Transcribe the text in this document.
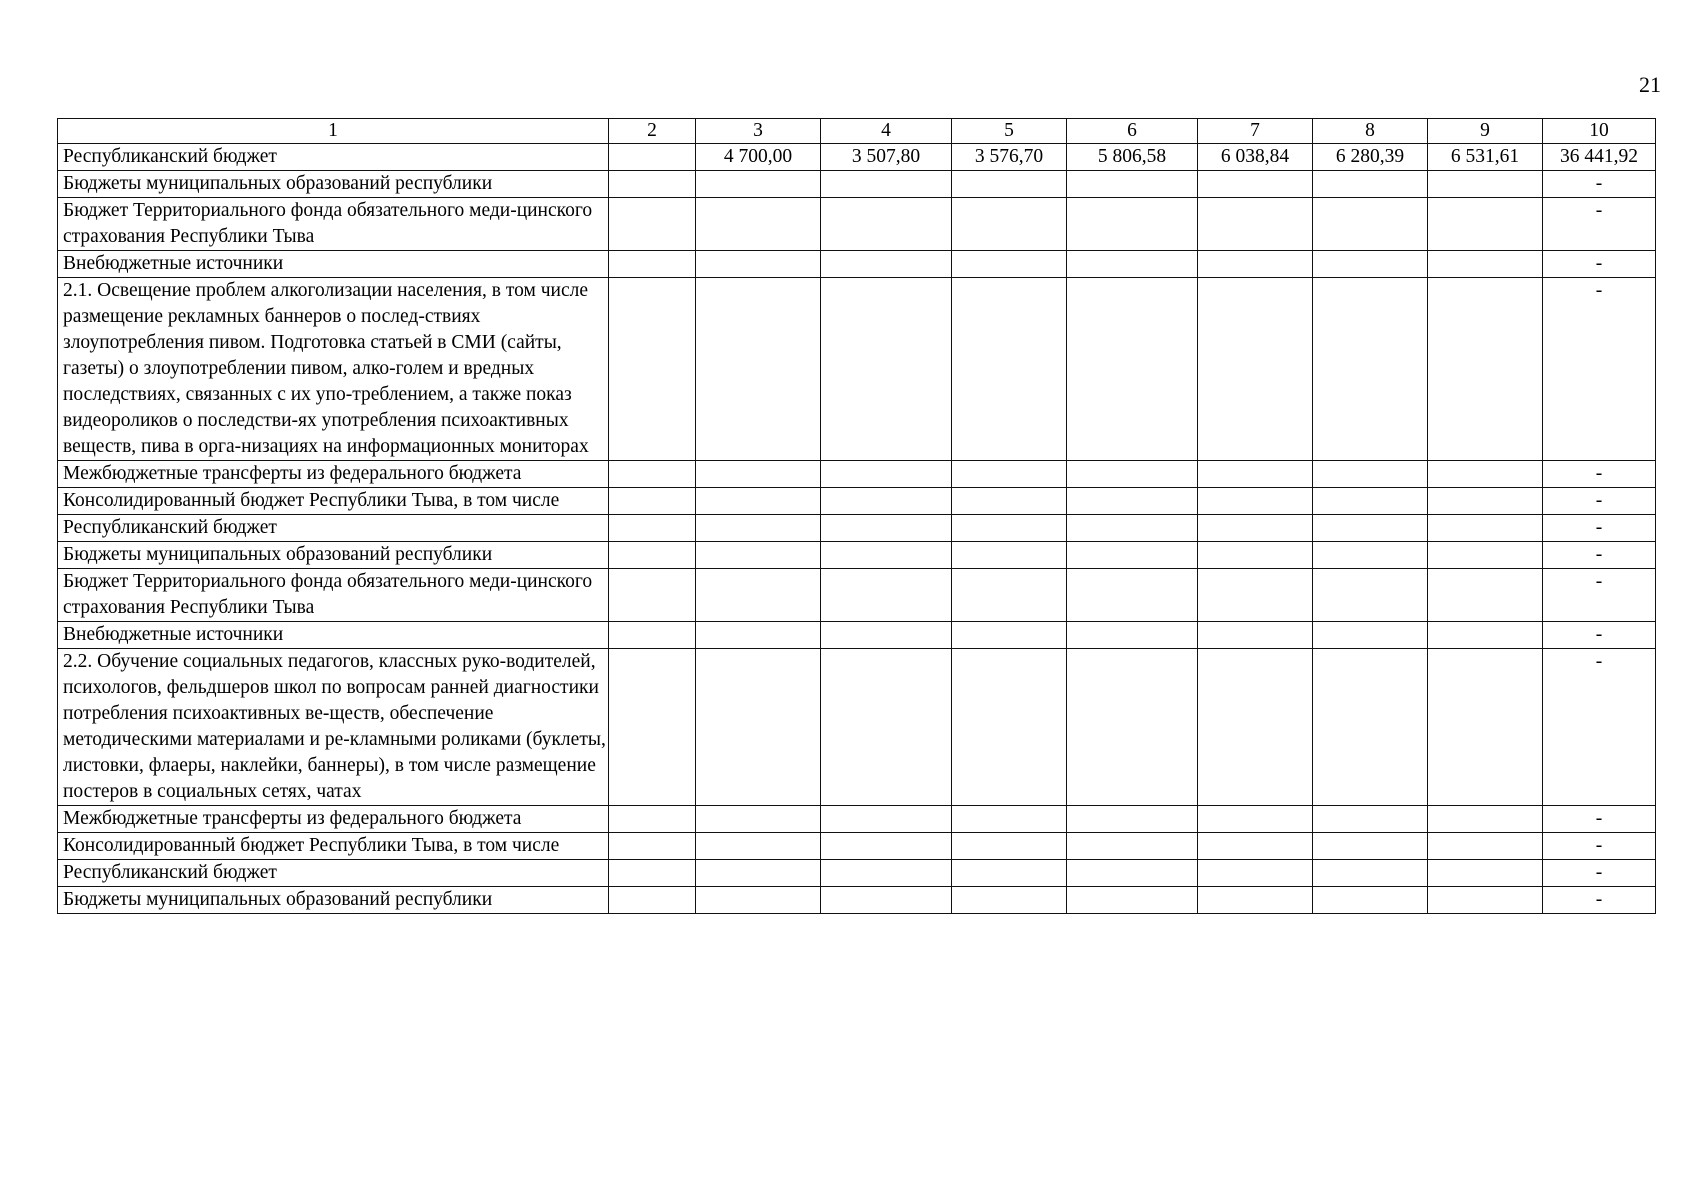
21
1	2	3	4	5	6	7	8	9	10
Республиканский бюджет		4 700,00	3 507,80	3 576,70	5 806,58	6 038,84	6 280,39	6 531,61	36 441,92
Бюджеты муниципальных образований республики									-
Бюджет Территориального фонда обязательного меди-цинского страхования Республики Тыва									-
Внебюджетные источники									-
2.1. Освещение проблем алкоголизации населения, в том числе размещение рекламных баннеров о послед-ствиях злоупотребления пивом. Подготовка статьей в СМИ (сайты, газеты) о злоупотреблении пивом, алко-голем и вредных последствиях, связанных с их упо-треблением, а также показ видеороликов о последстви-ях употребления психоактивных веществ, пива в орга-низациях на информационных мониторах									-
Межбюджетные трансферты из федерального бюджета									-
Консолидированный бюджет Республики Тыва, в том числе									-
Республиканский бюджет									-
Бюджеты муниципальных образований республики									-
Бюджет Территориального фонда обязательного меди-цинского страхования Республики Тыва									-
Внебюджетные источники									-
2.2. Обучение социальных педагогов, классных руко-водителей, психологов, фельдшеров школ по вопросам ранней диагностики потребления психоактивных ве-ществ, обеспечение методическими материалами и ре-кламными роликами (буклеты, листовки, флаеры, наклейки, баннеры), в том числе размещение постеров в социальных сетях, чатах									-
Межбюджетные трансферты из федерального бюджета									-
Консолидированный бюджет Республики Тыва, в том числе									-
Республиканский бюджет									-
Бюджеты муниципальных образований республики									-
